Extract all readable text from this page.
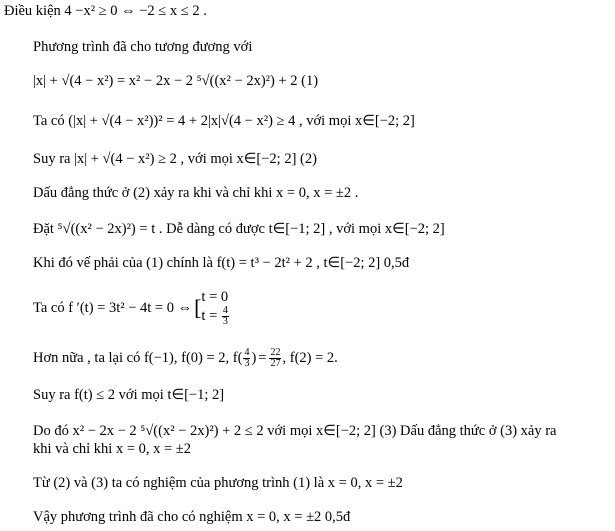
Điều kiện 4 −x² ≥ 0 ⇔ −2 ≤ x ≤ 2 .
Phương trình đã cho tương đương với
|x| + √(4 − x²) = x² − 2x − 2 ⁵√((x² − 2x)²) + 2 (1)
Ta có (|x| + √(4 − x²))² = 4 + 2|x|√(4 − x²) ≥ 4 , với mọi x∈[−2; 2]
Suy ra |x| + √(4 − x²) ≥ 2 , với mọi x∈[−2; 2] (2)
Dấu đẳng thức ở (2) xảy ra khi và chỉ khi x = 0, x = ±2 .
Đặt ⁵√((x² − 2x)²) = t . Dễ dàng có được t∈[−1; 2] , với mọi x∈[−2; 2]
Khi đó vế phải của (1) chính là f(t) = t³ − 2t² + 2 , t∈[−2; 2] 0,5đ
Ta có f ′(t) = 3t² − 4t = 0 ⇔ [ t = 0
$t = \frac{4}{3}$
Hơn nữa , ta lại có f(−1), f(0) = 2, f ( $\frac{4}{3}$ ) = $\frac{22}{27}$ , f(2) = 2.
Suy ra f(t) ≤ 2 với mọi t∈[−1; 2]
Do đó x² − 2x − 2 ⁵√((x² − 2x)²) + 2 ≤ 2 với mọi x∈[−2; 2] (3) Dấu đẳng thức ở (3) xảy ra
khi và chỉ khi x = 0, x = ±2
Từ (2) và (3) ta có nghiệm của phương trình (1) là x = 0, x = ±2
Vậy phương trình đã cho có nghiệm x = 0, x = ±2 0,5đ
